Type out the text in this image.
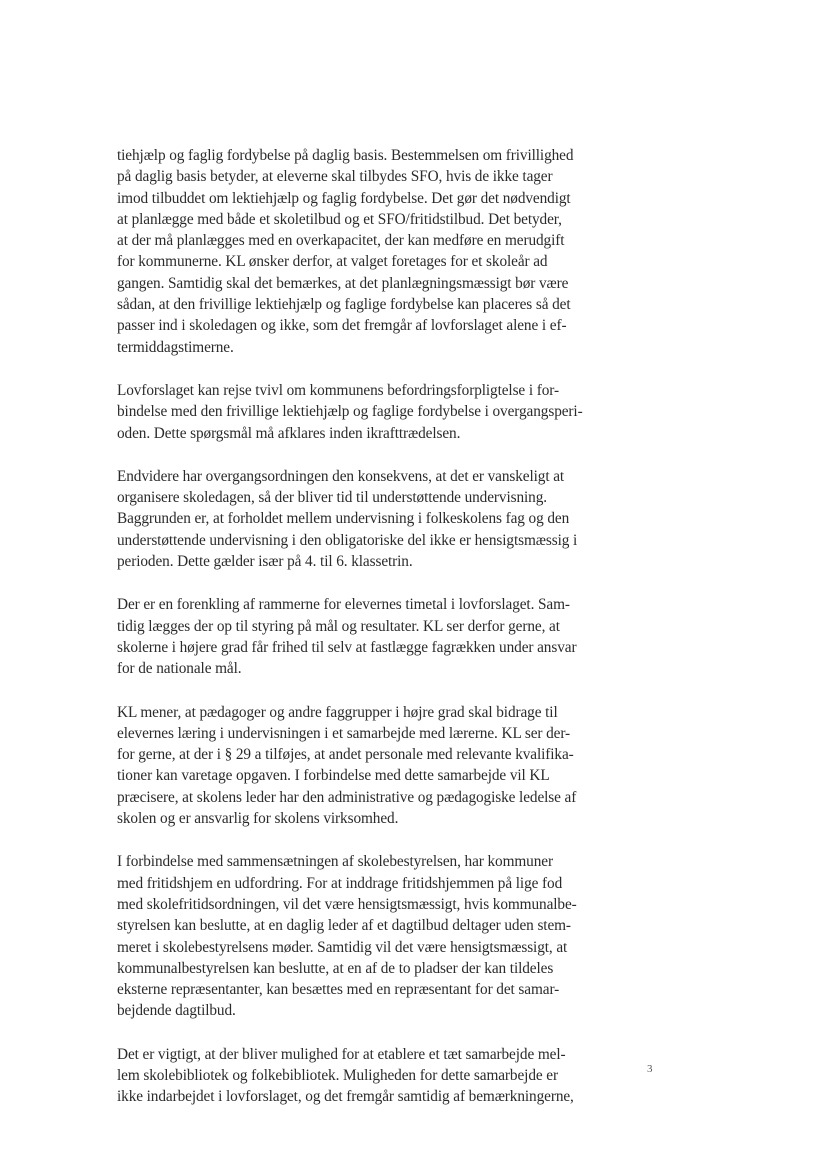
tiehjælp og faglig fordybelse på daglig basis. Bestemmelsen om frivillighed
på daglig basis betyder, at eleverne skal tilbydes SFO, hvis de ikke tager
imod tilbuddet om lektiehjælp og faglig fordybelse. Det gør det nødvendigt
at planlægge med både et skoletilbud og et SFO/fritidstilbud. Det betyder,
at der må planlægges med en overkapacitet, der kan medføre en merudgift
for kommunerne. KL ønsker derfor, at valget foretages for et skoleår ad
gangen. Samtidig skal det bemærkes, at det planlægningsmæssigt bør være
sådan, at den frivillige lektiehjælp og faglige fordybelse kan placeres så det
passer ind i skoledagen og ikke, som det fremgår af lovforslaget alene i ef-
termiddagstimerne.

Lovforslaget kan rejse tvivl om kommunens befordringsforpligtelse i for-
bindelse med den frivillige lektiehjælp og faglige fordybelse i overgangsperi-
oden. Dette spørgsmål må afklares inden ikrafttrædelsen.

Endvidere har overgangsordningen den konsekvens, at det er vanskeligt at
organisere skoledagen, så der bliver tid til understøttende undervisning.
Baggrunden er, at forholdet mellem undervisning i folkeskolens fag og den
understøttende undervisning i den obligatoriske del ikke er hensigtsmæssig i
perioden. Dette gælder især på 4. til 6. klassetrin.

Der er en forenkling af rammerne for elevernes timetal i lovforslaget. Sam-
tidig lægges der op til styring på mål og resultater. KL ser derfor gerne, at
skolerne i højere grad får frihed til selv at fastlægge fagrækken under ansvar
for de nationale mål.

KL mener, at pædagoger og andre faggrupper i højre grad skal bidrage til
elevernes læring i undervisningen i et samarbejde med lærerne. KL ser der-
for gerne, at der i § 29 a tilføjes, at andet personale med relevante kvalifika-
tioner kan varetage opgaven. I forbindelse med dette samarbejde vil KL
præcisere, at skolens leder har den administrative og pædagogiske ledelse af
skolen og er ansvarlig for skolens virksomhed.

I forbindelse med sammensætningen af skolebestyrelsen, har kommuner
med fritidshjem en udfordring. For at inddrage fritidshjemmen på lige fod
med skolefritidsordningen, vil det være hensigtsmæssigt, hvis kommunalbe-
styrelsen kan beslutte, at en daglig leder af et dagtilbud deltager uden stem-
meret i skolebestyrelsens møder. Samtidig vil det være hensigtsmæssigt, at
kommunalbestyrelsen kan beslutte, at en af de to pladser der kan tildeles
eksterne repræsentanter, kan besættes med en repræsentant for det samar-
bejdende dagtilbud.

Det er vigtigt, at der bliver mulighed for at etablere et tæt samarbejde mel-
lem skolebibliotek og folkebibliotek. Muligheden for dette samarbejde er
ikke indarbejdet i lovforslaget, og det fremgår samtidig af bemærkningerne,

3
